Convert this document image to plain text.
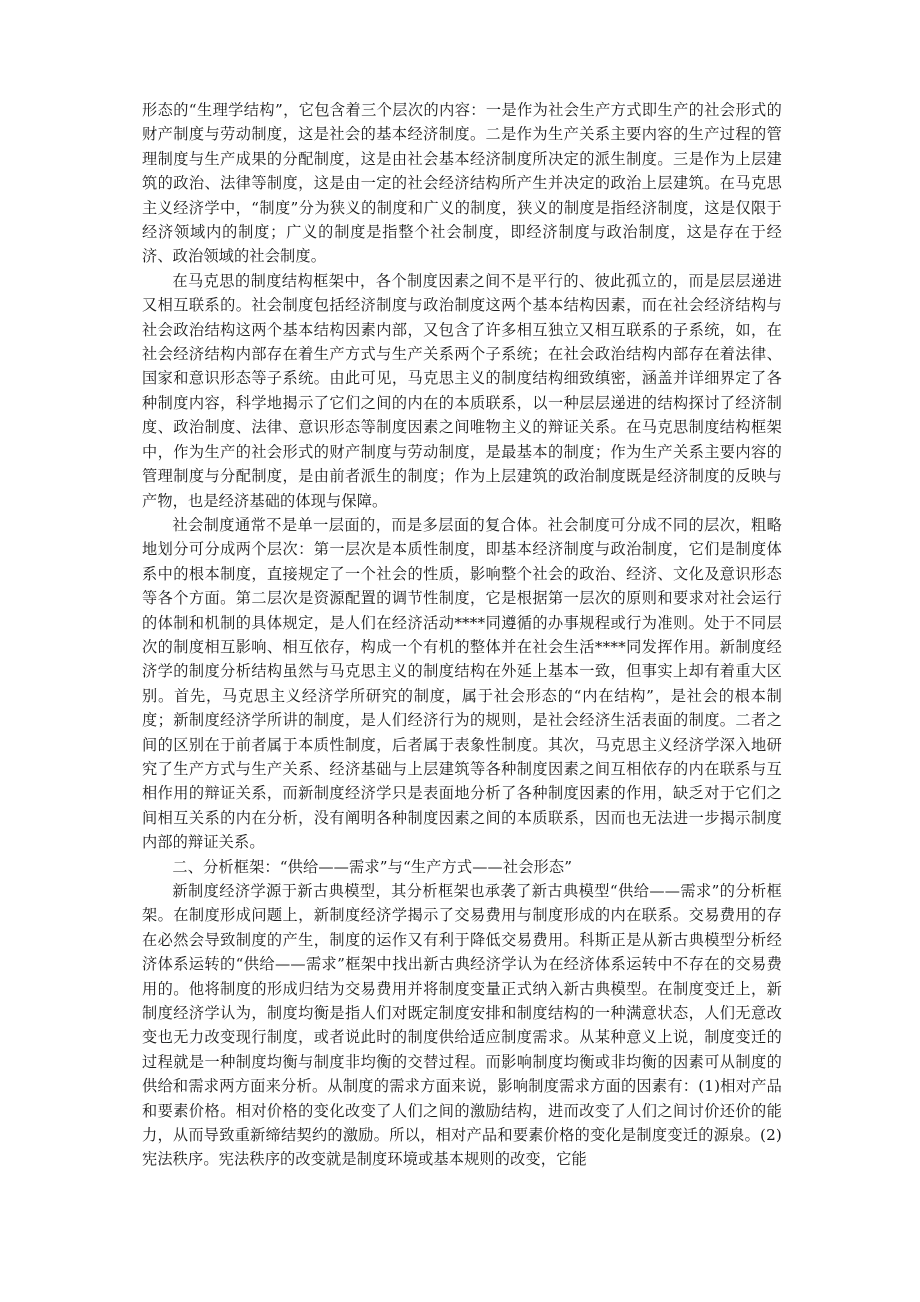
形态的“生理学结构”，它包含着三个层次的内容：一是作为社会生产方式即生产的社会形式的财产制度与劳动制度，这是社会的基本经济制度。二是作为生产关系主要内容的生产过程的管理制度与生产成果的分配制度，这是由社会基本经济制度所决定的派生制度。三是作为上层建筑的政治、法律等制度，这是由一定的社会经济结构所产生并决定的政治上层建筑。在马克思主义经济学中，“制度”分为狭义的制度和广义的制度，狭义的制度是指经济制度，这是仅限于经济领域内的制度；广义的制度是指整个社会制度，即经济制度与政治制度，这是存在于经济、政治领域的社会制度。

在马克思的制度结构框架中，各个制度因素之间不是平行的、彼此孤立的，而是层层递进又相互联系的。社会制度包括经济制度与政治制度这两个基本结构因素，而在社会经济结构与社会政治结构这两个基本结构因素内部，又包含了许多相互独立又相互联系的子系统，如，在社会经济结构内部存在着生产方式与生产关系两个子系统；在社会政治结构内部存在着法律、国家和意识形态等子系统。由此可见，马克思主义的制度结构细致缜密，涵盖并详细界定了各种制度内容，科学地揭示了它们之间的内在的本质联系，以一种层层递进的结构探讨了经济制度、政治制度、法律、意识形态等制度因素之间唯物主义的辩证关系。在马克思制度结构框架中，作为生产的社会形式的财产制度与劳动制度，是最基本的制度；作为生产关系主要内容的管理制度与分配制度，是由前者派生的制度；作为上层建筑的政治制度既是经济制度的反映与产物，也是经济基础的体现与保障。

社会制度通常不是单一层面的，而是多层面的复合体。社会制度可分成不同的层次，粗略地划分可分成两个层次：第一层次是本质性制度，即基本经济制度与政治制度，它们是制度体系中的根本制度，直接规定了一个社会的性质，影响整个社会的政治、经济、文化及意识形态等各个方面。第二层次是资源配置的调节性制度，它是根据第一层次的原则和要求对社会运行的体制和机制的具体规定，是人们在经济活动****同遵循的办事规程或行为准则。处于不同层次的制度相互影响、相互依存，构成一个有机的整体并在社会生活****同发挥作用。新制度经济学的制度分析结构虽然与马克思主义的制度结构在外延上基本一致，但事实上却有着重大区别。首先，马克思主义经济学所研究的制度，属于社会形态的“内在结构”，是社会的根本制度；新制度经济学所讲的制度，是人们经济行为的规则，是社会经济生活表面的制度。二者之间的区别在于前者属于本质性制度，后者属于表象性制度。其次，马克思主义经济学深入地研究了生产方式与生产关系、经济基础与上层建筑等各种制度因素之间互相依存的内在联系与互相作用的辩证关系，而新制度经济学只是表面地分析了各种制度因素的作用，缺乏对于它们之间相互关系的内在分析，没有阐明各种制度因素之间的本质联系，因而也无法进一步揭示制度内部的辩证关系。

二、分析框架：“供给——需求”与“生产方式——社会形态”

新制度经济学源于新古典模型，其分析框架也承袭了新古典模型“供给——需求”的分析框架。在制度形成问题上，新制度经济学揭示了交易费用与制度形成的内在联系。交易费用的存在必然会导致制度的产生，制度的运作又有利于降低交易费用。科斯正是从新古典模型分析经济体系运转的“供给——需求”框架中找出新古典经济学认为在经济体系运转中不存在的交易费用的。他将制度的形成归结为交易费用并将制度变量正式纳入新古典模型。在制度变迁上，新制度经济学认为，制度均衡是指人们对既定制度安排和制度结构的一种满意状态，人们无意改变也无力改变现行制度，或者说此时的制度供给适应制度需求。从某种意义上说，制度变迁的过程就是一种制度均衡与制度非均衡的交替过程。而影响制度均衡或非均衡的因素可从制度的供给和需求两方面来分析。从制度的需求方面来说，影响制度需求方面的因素有：(1)相对产品和要素价格。相对价格的变化改变了人们之间的激励结构，进而改变了人们之间讨价还价的能力，从而导致重新缔结契约的激励。所以，相对产品和要素价格的变化是制度变迁的源泉。(2)宪法秩序。宪法秩序的改变就是制度环境或基本规则的改变，它能
